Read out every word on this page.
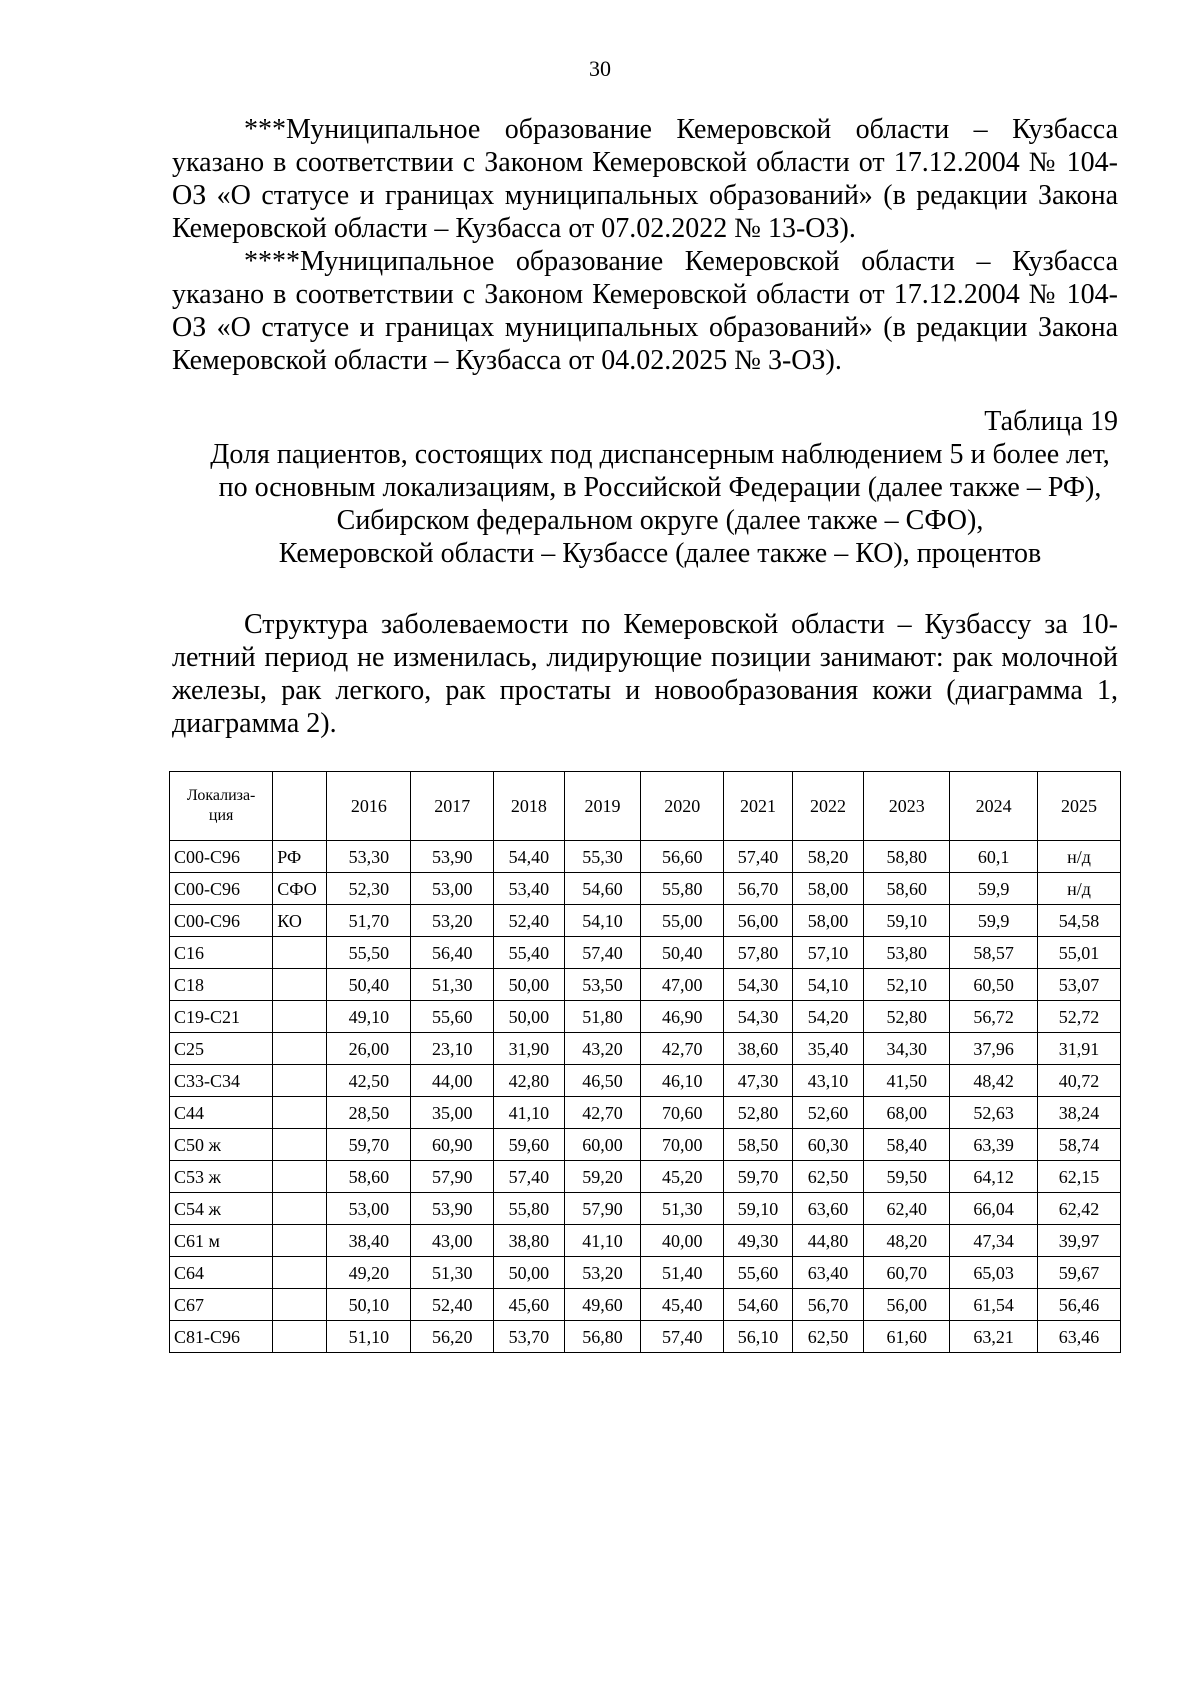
30

***Муниципальное образование Кемеровской области – Кузбасса указано в соответствии с Законом Кемеровской области от 17.12.2004 № 104-ОЗ «О статусе и границах муниципальных образований» (в редакции Закона Кемеровской области – Кузбасса от 07.02.2022 № 13-ОЗ).

****Муниципальное образование Кемеровской области – Кузбасса указано в соответствии с Законом Кемеровской области от 17.12.2004 № 104-ОЗ «О статусе и границах муниципальных образований» (в редакции Закона Кемеровской области – Кузбасса от 04.02.2025 № 3-ОЗ).

Таблица 19
Доля пациентов, состоящих под диспансерным наблюдением 5 и более лет,
по основным локализациям, в Российской Федерации (далее также – РФ),
Сибирском федеральном округе (далее также – СФО),
Кемеровской области – Кузбассе (далее также – КО), процентов

Структура заболеваемости по Кемеровской области – Кузбассу за 10-летний период не изменилась, лидирующие позиции занимают: рак молочной железы, рак легкого, рак простаты и новообразования кожи (диаграмма 1, диаграмма 2).

Локализа-
ция		2016	2017	2018	2019	2020	2021	2022	2023	2024	2025
С00-С96	РФ	53,30	53,90	54,40	55,30	56,60	57,40	58,20	58,80	60,1	н/д
С00-С96	СФО	52,30	53,00	53,40	54,60	55,80	56,70	58,00	58,60	59,9	н/д
С00-С96	КО	51,70	53,20	52,40	54,10	55,00	56,00	58,00	59,10	59,9	54,58
С16		55,50	56,40	55,40	57,40	50,40	57,80	57,10	53,80	58,57	55,01
С18		50,40	51,30	50,00	53,50	47,00	54,30	54,10	52,10	60,50	53,07
С19-С21		49,10	55,60	50,00	51,80	46,90	54,30	54,20	52,80	56,72	52,72
С25		26,00	23,10	31,90	43,20	42,70	38,60	35,40	34,30	37,96	31,91
С33-С34		42,50	44,00	42,80	46,50	46,10	47,30	43,10	41,50	48,42	40,72
С44		28,50	35,00	41,10	42,70	70,60	52,80	52,60	68,00	52,63	38,24
С50 ж		59,70	60,90	59,60	60,00	70,00	58,50	60,30	58,40	63,39	58,74
С53 ж		58,60	57,90	57,40	59,20	45,20	59,70	62,50	59,50	64,12	62,15
С54 ж		53,00	53,90	55,80	57,90	51,30	59,10	63,60	62,40	66,04	62,42
С61 м		38,40	43,00	38,80	41,10	40,00	49,30	44,80	48,20	47,34	39,97
С64		49,20	51,30	50,00	53,20	51,40	55,60	63,40	60,70	65,03	59,67
С67		50,10	52,40	45,60	49,60	45,40	54,60	56,70	56,00	61,54	56,46
С81-С96		51,10	56,20	53,70	56,80	57,40	56,10	62,50	61,60	63,21	63,46
